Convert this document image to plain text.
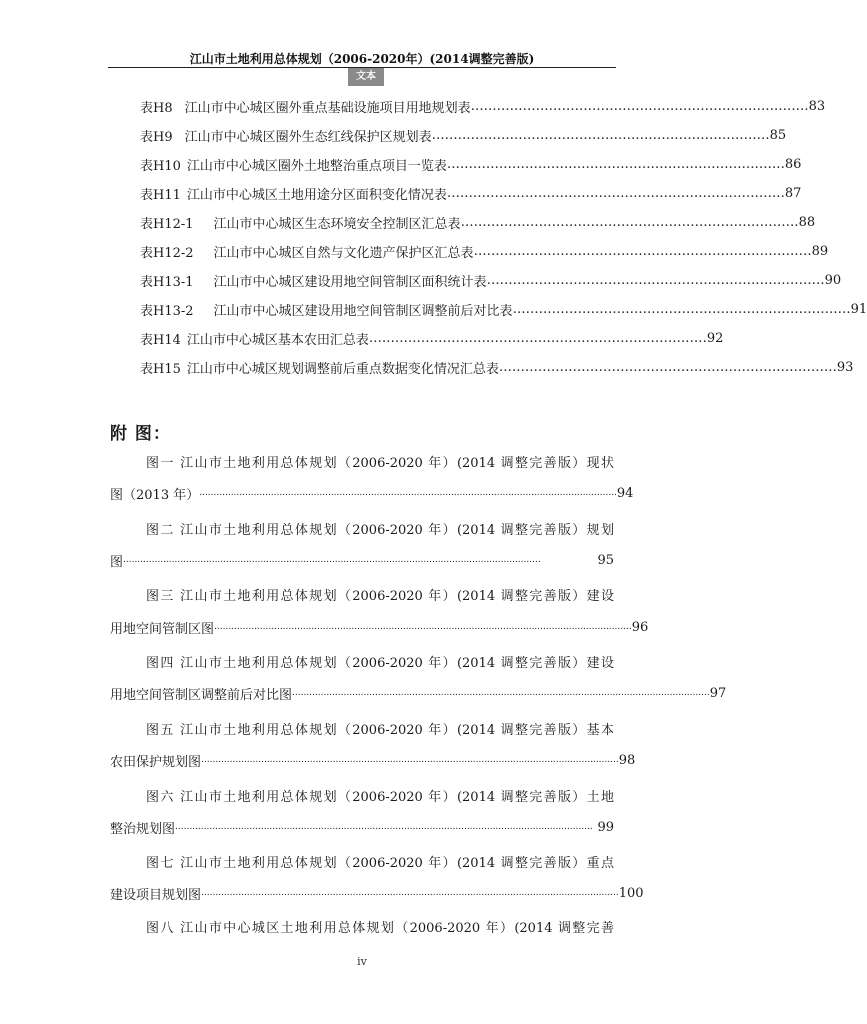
江山市土地利用总体规划（2006-2020年）(2014调整完善版)
文本
表H8 江山市中心城区圈外重点基础设施项目用地规划表 …………………………………………………………………… 83
表H9 江山市中心城区圈外生态红线保护区规划表 …………………………………………………………………… 85
表H10 江山市中心城区圈外土地整治重点项目一览表 …………………………………………………………………… 86
表H11 江山市中心城区土地用途分区面积变化情况表 …………………………………………………………………… 87
表H12-1 江山市中心城区生态环境安全控制区汇总表 …………………………………………………………………… 88
表H12-2 江山市中心城区自然与文化遗产保护区汇总表 …………………………………………………………………… 89
表H13-1 江山市中心城区建设用地空间管制区面积统计表 …………………………………………………………………… 90
表H13-2 江山市中心城区建设用地空间管制区调整前后对比表 …………………………………………………………………… 91
表H14 江山市中心城区基本农田汇总表 …………………………………………………………………… 92
表H15 江山市中心城区规划调整前后重点数据变化情况汇总表 …………………………………………………………………… 93
附 图：
图一 江山市土地利用总体规划（2006-2020 年）(2014 调整完善版）现状
图（2013 年） .................................................................................................................................................. 94
图二 江山市土地利用总体规划（2006-2020 年）(2014 调整完善版）规划
图 ..................................................................................................................................................	95
图三 江山市土地利用总体规划（2006-2020 年）(2014 调整完善版）建设
用地空间管制区图 .................................................................................................................................................. 96
图四 江山市土地利用总体规划（2006-2020 年）(2014 调整完善版）建设
用地空间管制区调整前后对比图 .................................................................................................................................................. 97
图五 江山市土地利用总体规划（2006-2020 年）(2014 调整完善版）基本
农田保护规划图 .................................................................................................................................................. 98
图六 江山市土地利用总体规划（2006-2020 年）(2014 调整完善版）土地
整治规划图 .................................................................................................................................................. 99
图七 江山市土地利用总体规划（2006-2020 年）(2014 调整完善版）重点
建设项目规划图 .................................................................................................................................................. 100
图八 江山市中心城区土地利用总体规划（2006-2020 年）(2014 调整完善
iv
